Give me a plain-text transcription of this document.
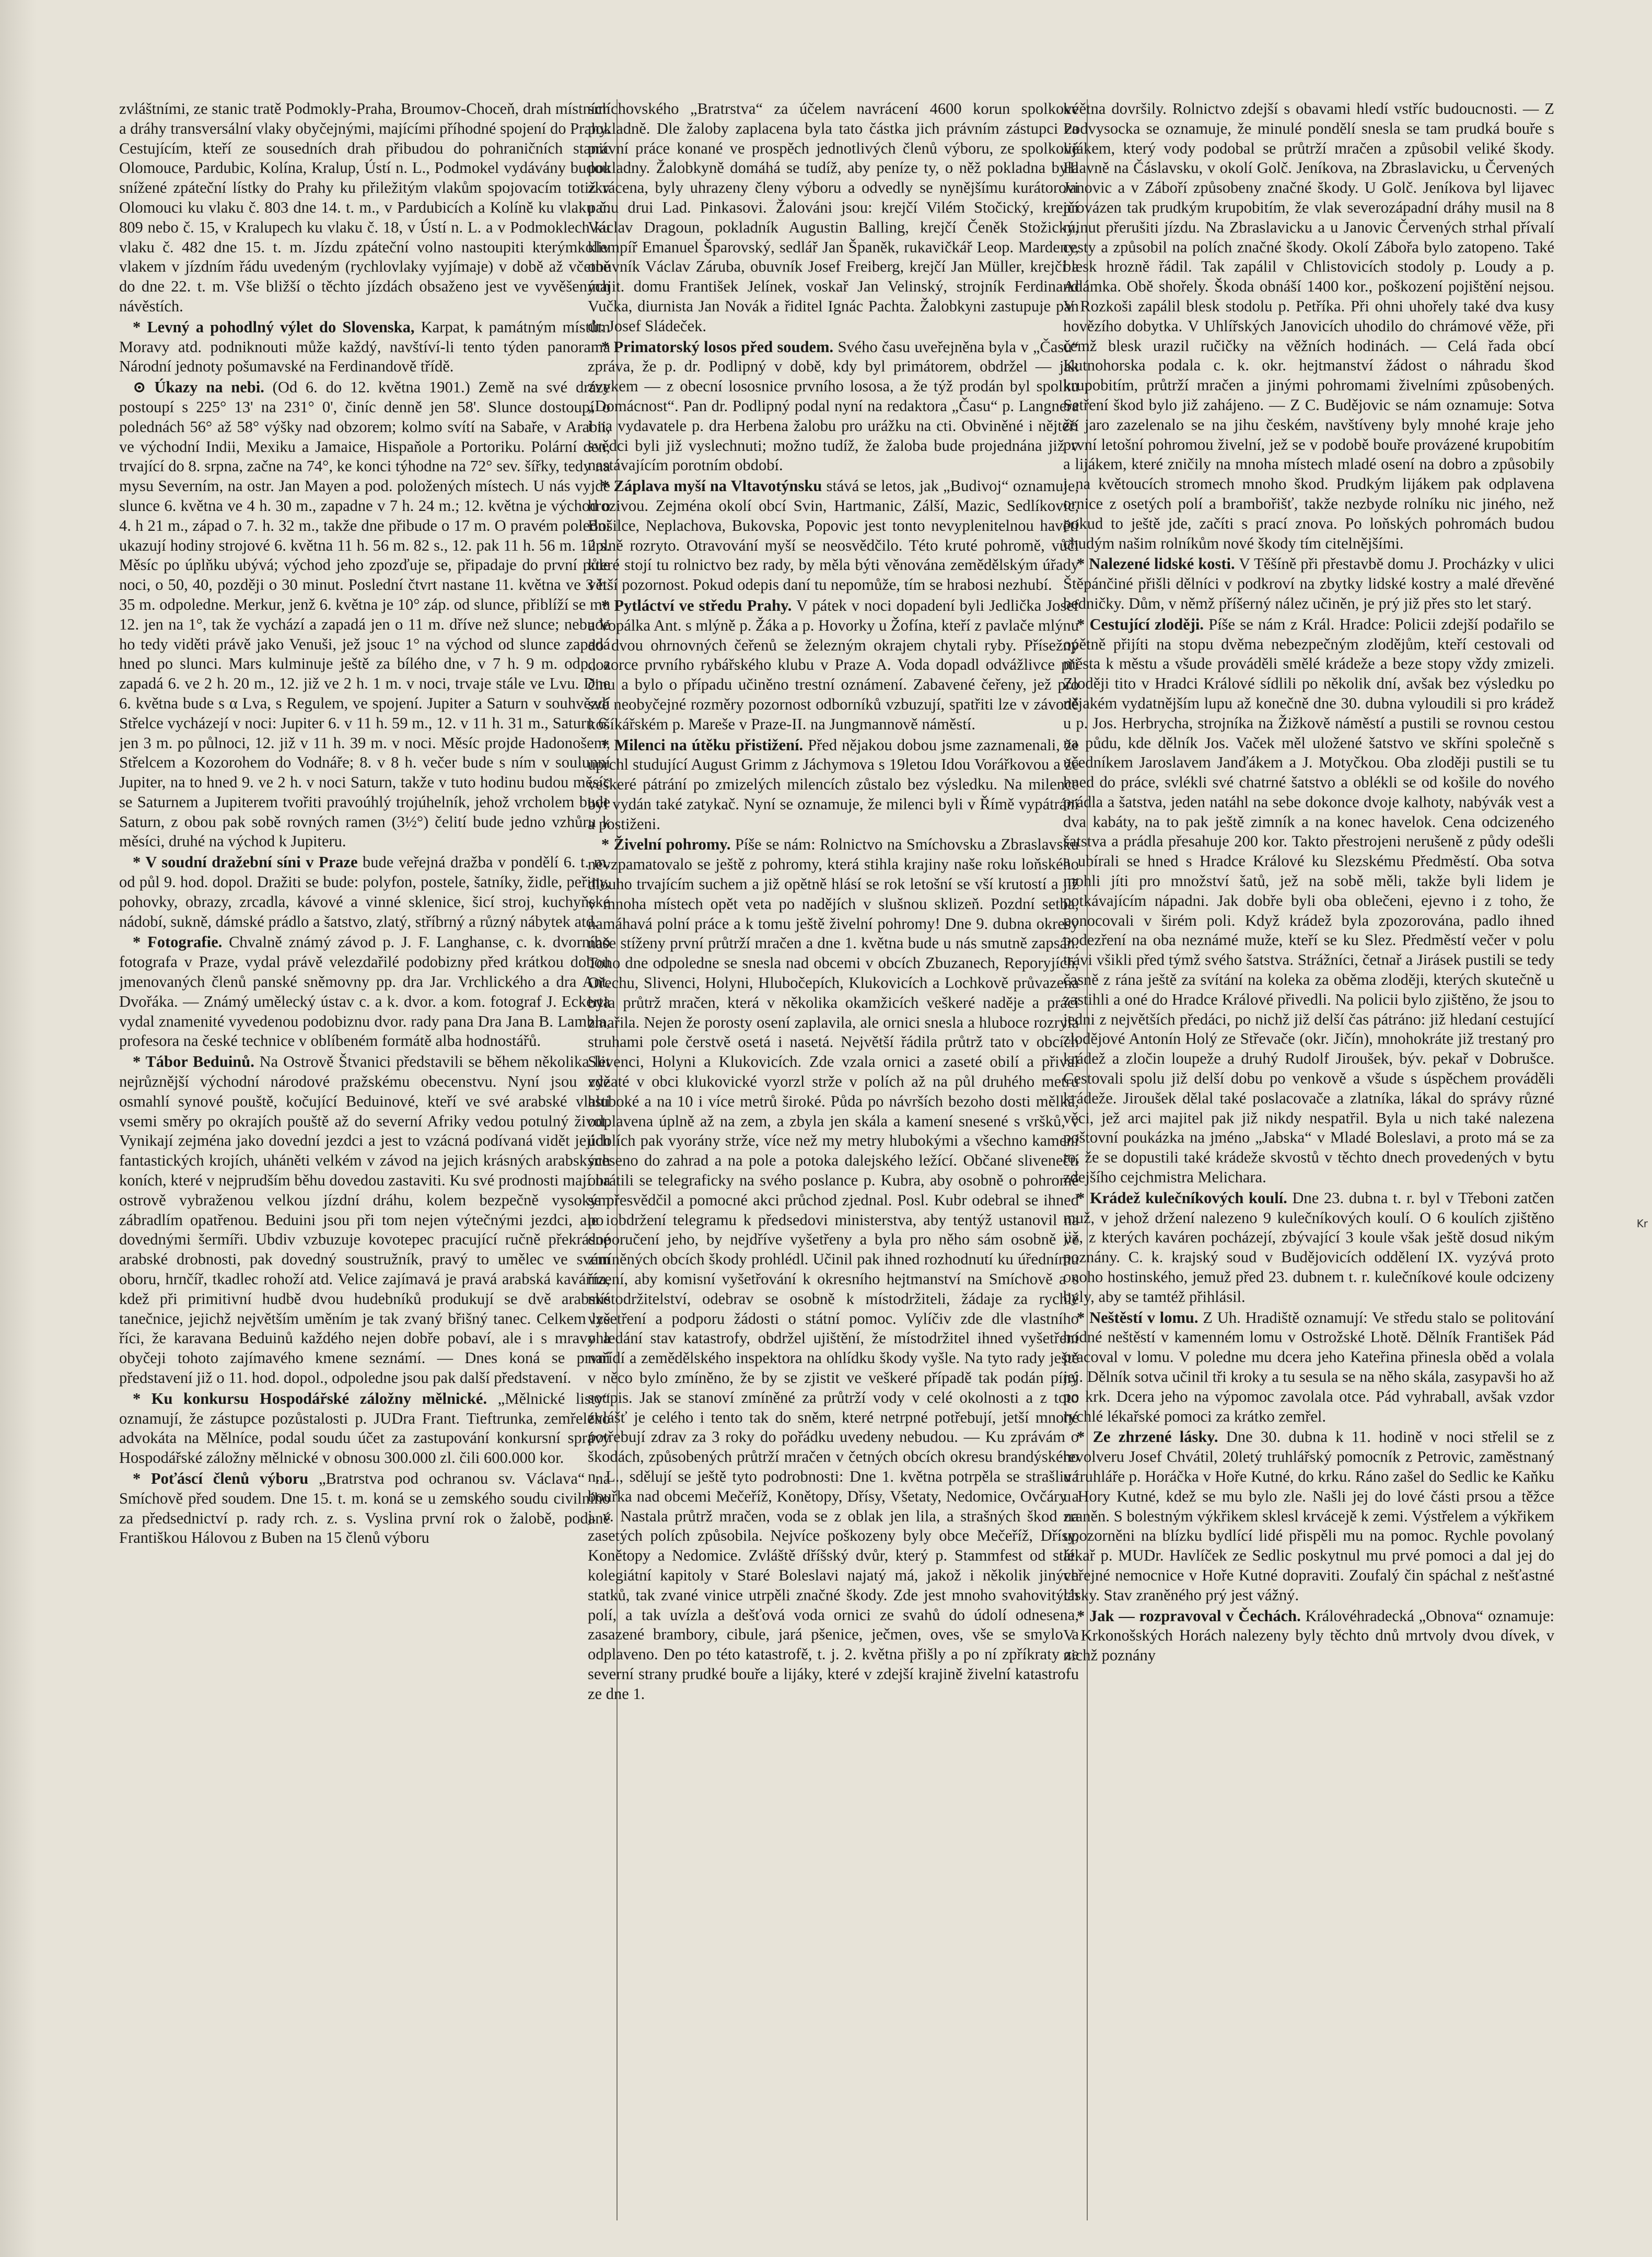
zvláštními, ze stanic tratě Podmokly-Praha, Broumov-Choceň, drah místních a dráhy transversální vlaky obyčejnými, majícími příhodné spojení do Prahy. Cestujícím, kteří ze sousedních drah přibudou do pohraničních stanic Olomouce, Pardubic, Kolína, Kralup, Ústí n. L., Podmokel vydávány budou snížené zpáteční lístky do Prahy ku přiležitým vlakům spojovacím totiž v Olomouci ku vlaku č. 803 dne 14. t. m., v Pardubicích a Kolíně ku vlaku č. 809 nebo č. 15, v Kralupech ku vlaku č. 18, v Ústí n. L. a v Podmoklech ku vlaku č. 482 dne 15. t. m. Jízdu zpáteční volno nastoupiti kterýmkoliv vlakem v jízdním řádu uvedeným (rychlovlaky vyjímaje) v době až včetně do dne 22. t. m. Vše bližší o těchto jízdách obsaženo jest ve vyvěšených návěstích.

* Levný a pohodlný výlet do Slovenska, Karpat, k památným místům Moravy atd. podniknouti může každý, navštíví-li tento týden panorama Národní jednoty pošumavské na Ferdinandově třídě.

⊙ Úkazy na nebi. (Od 6. do 12. května 1901.) Země na své dráze postoupí s 225° 13' na 231° 0', činíc denně jen 58'. Slunce dostoupí o polednách 56° až 58° výšky nad obzorem; kolmo svítí na Sabaře, v Arabii, ve východní Indii, Mexiku a Jamaice, Hispaňole a Portoriku. Polární den, trvající do 8. srpna, začne na 74°, ke konci týhodne na 72° sev. šířky, tedy na mysu Severním, na ostr. Jan Mayen a pod. položených místech. U nás vyjde slunce 6. května ve 4 h. 30 m., zapadne v 7 h. 24 m.; 12. května je východ o 4. h 21 m., západ o 7. h. 32 m., takže dne přibude o 17 m. O pravém poledni ukazují hodiny strojové 6. května 11 h. 56 m. 82 s., 12. pak 11 h. 56 m. 12 s. Měsíc po úplňku ubývá; východ jeho zpozďuje se, připadaje do první půle noci, o 50, 40, později o 30 minut. Poslední čtvrt nastane 11. května ve 3 h. 35 m. odpoledne. Merkur, jenž 6. května je 10° záp. od slunce, přiblíží se mu 12. jen na 1°, tak že vychází a zapadá jen o 11 m. dříve než slunce; nebude ho tedy viděti právě jako Venuši, jež jsouc 1° na východ od slunce zapadá hned po slunci. Mars kulminuje ještě za bílého dne, v 7 h. 9 m. odp., a zapadá 6. ve 2 h. 20 m., 12. již ve 2 h. 1 m. v noci, trvaje stále ve Lvu. Dne 6. května bude s α Lva, s Regulem, ve spojení. Jupiter a Saturn v souhvězdí Střelce vycházejí v noci: Jupiter 6. v 11 h. 59 m., 12. v 11 h. 31 m., Saturn 6. jen 3 m. po půlnoci, 12. již v 11 h. 39 m. v noci. Měsíc projde Hadonošem, Střelcem a Kozorohem do Vodnáře; 8. v 8 h. večer bude s ním v soulunní Jupiter, na to hned 9. ve 2 h. v noci Saturn, takže v tuto hodinu budou měsíc se Saturnem a Jupiterem tvořiti pravoúhlý trojúhelník, jehož vrcholem bude Saturn, z obou pak sobě rovných ramen (3½°) čelití bude jedno vzhůru k měsíci, druhé na východ k Jupiteru.

* V soudní dražební síni v Praze bude veřejná dražba v pondělí 6. t. m. od půl 9. hod. dopol. Dražiti se bude: polyfon, postele, šatníky, židle, peřiny, pohovky, obrazy, zrcadla, kávové a vinné sklenice, šicí stroj, kuchyňské nádobí, sukně, dámské prádlo a šatstvo, zlatý, stříbrný a různý nábytek atd.

* Fotografie. Chvalně známý závod p. J. F. Langhanse, c. k. dvorního fotografa v Praze, vydal právě velezdařilé podobizny před krátkou dobou jmenovaných členů panské sněmovny pp. dra Jar. Vrchlického a dra Ant. Dvořáka. — Známý umělecký ústav c. a k. dvor. a kom. fotograf J. Eckerta vydal znamenité vyvedenou podobiznu dvor. rady pana Dra Jana B. Lambla, profesora na české technice v oblíbeném formátě alba hodnostářů.

* Tábor Beduinů. Na Ostrově Štvanici představili se během několika let nejrůznější východní národové pražskému obecenstvu. Nyní jsou zde osmahlí synové pouště, kočující Beduinové, kteří ve své arabské vlasti vsemi směry po okrajích pouště až do severní Afriky vedou potulný život. Vynikají zejména jako dovední jezdci a jest to vzácná podívaná vidět jejich fantastických krojích, uháněti velkém v závod na jejich krásných arabských koních, které v nejprudším běhu dovedou zastaviti. Ku své prodnosti mají na ostrově vybraženou velkou jízdní dráhu, kolem bezpečně vysokým zábradlím opatřenou. Beduini jsou při tom nejen výtečnými jezdci, ale i dovednými šermíři. Ubdiv vzbuzuje kovotepec pracující ručně překrásné arabské drobnosti, pak dovedný soustružník, pravý to umělec ve svém oboru, hrnčíř, tkadlec rohoží atd. Velice zajímavá je pravá arabská kavárna, kdež při primitivní hudbě dvou hudebníků produkují se dvě arabské tanečnice, jejichž největším uměním je tak zvaný břišný tanec. Celkem lze říci, že karavana Beduinů každého nejen dobře pobaví, ale i s mravy a obyčeji tohoto zajímavého kmene seznámí. — Dnes koná se první představení již o 11. hod. dopol., odpoledne jsou pak další představení.

* Ku konkursu Hospodářské záložny mělnické. „Mělnické listy“ oznamují, že zástupce pozůstalosti p. JUDra Frant. Tieftrunka, zemřelého advokáta na Mělníce, podal soudu účet za zastupování konkursní správy Hospodářské záložny mělnické v obnosu 300.000 zl. čili 600.000 kor.

* Poťáscí členů výboru „Bratrstva pod ochranou sv. Václava“ na Smíchově před soudem. Dne 15. t. m. koná se u zemského soudu civilního za předsednictví p. rady rch. z. s. Vyslina první rok o žalobě, podané Františkou Hálovou z Buben na 15 členů výboru

smíchovského „Bratrstva“ za účelem navrácení 4600 korun spolkové pokladně. Dle žaloby zaplacena byla tato částka jich právním zástupci za právní práce konané ve prospěch jednotlivých členů výboru, ze spolkové pokladny. Žalobkyně domáhá se tudíž, aby peníze ty, o něž pokladna byla zkrácena, byly uhrazeny členy výboru a odvedly se nynějšímu kurátorovi panu drui Lad. Pinkasovi. Žalováni jsou: krejčí Vilém Stočický, krejčí Václav Dragoun, pokladník Augustin Balling, krejčí Čeněk Stožický, klempíř Emanuel Šparovský, sedlář Jan Španěk, rukavičkář Leop. Mardeny, obuvník Václav Záruba, obuvník Josef Freiberg, krejčí Jan Müller, krejčí a majit. domu František Jelínek, voskař Jan Velinský, strojník Ferdinand Vučka, diurnista Jan Novák a řiditel Ignác Pachta. Žalobkyni zastupuje pan dr. Josef Sládeček.

* Primatorský losos před soudem. Svého času uveřejněna byla v „Času“ zpráva, že p. dr. Podlipný v době, kdy byl primátorem, obdržel — jak zvykem — z obecní lososnice prvního lososa, a že týž prodán byl spolku „Domácnost“. Pan dr. Podlipný podal nyní na redaktora „Času“ p. Langnera i na vydavatele p. dra Herbena žalobu pro urážku na cti. Obviněné i nějteří svědci byli již vyslechnuti; možno tudíž, že žaloba bude projednána již v nastávajícím porotním období.

* Záplava myší na Vltavotýnsku stává se letos, jak „Budivoj“ oznamuje, hrozivou. Zejména okolí obcí Svin, Hartmanic, Zálší, Mazic, Sedlíkovic, Bošilce, Neplachova, Bukovska, Popovic jest tonto nevyplenitelnou havětí úplně rozryto. Otravování myší se neosvědčilo. Této kruté pohromě, vůči které stojí tu rolnictvo bez rady, by měla býti věnována zemědělským úřady větší pozornost. Pokud odepis daní tu nepomůže, tím se hrabosi nezhubí.

* Pytláctví ve středu Prahy. V pátek v noci dopadení byli Jedlička Josef a Vopálka Ant. s mlýně p. Žáka a p. Hovorky u Žofína, kteří z pavlače mlýnu do dvou ohrnovných čeřenů se železným okrajem chytali ryby. Přísežný dozorce prvního rybářského klubu v Praze A. Voda dopadl odvážlivce při činu a bylo o případu učiněno trestní oznámení. Zabavené čeřeny, jež pro své neobyčejné rozměry pozornost odborníků vzbuzují, spatřiti lze v závodě košíkářském p. Mareše v Praze-II. na Jungmannově náměstí.

* Milenci na útěku přistižení. Před nějakou dobou jsme zaznamenali, že uprchl studující August Grimm z Jáchymova s 19letou Idou Vorářkovou a že veškeré pátrání po zmizelých milencích zůstalo bez výsledku. Na milence byl vydán také zatykač. Nyní se oznamuje, že milenci byli v Římě vypátráni a postiženi.

* Živelní pohromy. Píše se nám: Rolnictvo na Smíchovsku a Zbraslavsku nevzpamatovalo se ještě z pohromy, která stihla krajiny naše roku loňského dlouho trvajícím suchem a již opětně hlásí se rok letošní se vší krutostí a již v mnoha místech opět veta po nadějích v slušnou sklizeň. Pozdní setba, namáhavá polní práce a k tomu ještě živelní pohromy! Dne 9. dubna okresy naše stíženy první průtrží mračen a dne 1. května bude u nás smutně zapsán. Toho dne odpoledne se snesla nad obcemi v obcích Zbuzanech, Reporyjích, Ořechu, Slivenci, Holyni, Hlubočepích, Klukovicích a Lochkově průvazena byla průtrž mračen, která v několika okamžicích veškeré naděje a práci zmařila. Nejen že porosty osení zaplavila, ale ornici snesla a hluboce rozryla struhami pole čerstvě osetá i nasetá. Největší řádila průtrž tato v obcích Slivenci, Holyni a Klukovicích. Zde vzala ornici a zaseté obilí a přival vyžaté v obci klukovické vyorzl strže v polích až na půl druhého metru hluboké a na 10 i více metrů široké. Půda po návrších bezoho dosti mělká, odplavena úplně až na zem, a zbyla jen skála a kamení snesené s vršků, v údolích pak vyorány strže, více než my metry hlubokými a všechno kamení sneseno do zahrad a na pole a potoka dalejského ležící. Občané slivenečtí obrátili se telegraficky na svého poslance p. Kubra, aby osobně o pohromě se přesvědčil a pomocné akci průchod zjednal. Posl. Kubr odebral se ihned po obdržení telegramu k předsedovi ministerstva, aby tentýž ustanovil na doporučení jeho, by nejdříve vyšetřeny a byla pro něho sám osobně ve zmíněných obcích škody prohlédl. Učinil pak ihned rozhodnutí ku úřednímu řízení, aby komisní vyšetřování k okresního hejtmanství na Smíchově a s místodržitelství, odebrav se osobně k místodržiteli, žádaje za rychlé vyšetření a podporu žádosti o státní pomoc. Vylíčiv zde dle vlastního ohledání stav katastrofy, obdržel ujištění, že místodržitel ihned vyšetření nařídí a zemědělského inspektora na ohlídku škody vyšle. Na tyto rady ještě v něco bylo zmíněno, že by se zjistit ve veškeré případě tak podán píný soupis. Jak se stanoví zmíněné za průtrží vody v celé okolnosti a z toto zvlášť je celého i tento tak do sněm, které netrpné potřebují, jetší mnohé potřebují zdrav za 3 roky do pořádku uvedeny nebudou. — Ku zprávám o škodách, způsobených průtrží mračen v četných obcích okresu brandýského n. L., sdělují se ještě tyto podrobnosti: Dne 1. května potrpěla se strašlivá bouřka nad obcemi Mečeříž, Konětopy, Dřísy, Všetaty, Nedomice, Ovčáry a j. v. Nastala průtrž mračen, voda se z oblak jen lila, a strašných škod na zasetých polích způsobila. Nejvíce poškozeny byly obce Mečeříž, Dřísy, Konětopy a Nedomice. Zvláště dříšský dvůr, který p. Stammfest od stát. kolegiátní kapitoly v Staré Boleslavi najatý má, jakož i několik jiných statků, tak zvané vinice utrpěli značné škody. Zde jest mnoho svahovitých polí, a tak uvízla a dešťová voda ornici ze svahů do údolí odnesena, zasazené brambory, cibule, jará pšenice, ječmen, oves, vše se smylo a odplaveno. Den po této katastrofě, t. j. 2. května přišly a po ní zpříkraty ze severní strany prudké bouře a lijáky, které v zdejší krajině živelní katastrofu ze dne 1.

května dovršily. Rolnictvo zdejší s obavami hledí vstříc budoucnosti. — Z Podvysocka se oznamuje, že minulé pondělí snesla se tam prudká bouře s lijákem, který vody podobal se průtrží mračen a způsobil veliké škody. Hlavně na Čáslavsku, v okolí Golč. Jeníkova, na Zbraslavicku, u Červených Janovic a v Záboří způsobeny značné škody. U Golč. Jeníkova byl lijavec provázen tak prudkým krupobitím, že vlak severozápadní dráhy musil na 8 minut přerušiti jízdu. Na Zbraslavicku a u Janovic Červených strhal přívalí cesty a způsobil na polích značné škody. Okolí Zábořa bylo zatopeno. Také blesk hrozně řádil. Tak zapálil v Chlistovicích stodoly p. Loudy a p. Adámka. Obě shořely. Škoda obnáší 1400 kor., poškození pojištění nejsou. V Rozkoši zapálil blesk stodolu p. Petříka. Při ohni uhořely také dva kusy hovězího dobytka. V Uhlířských Janovicích uhodilo do chrámové věže, při čemž blesk urazil ručičky na věžních hodinách. — Celá řada obcí Kutnohorska podala c. k. okr. hejtmanství žádost o náhradu škod krupobitím, průtrží mračen a jinými pohromami živelními způsobených. Setření škod bylo již zahájeno. — Z C. Budějovic se nám oznamuje: Sotva že jaro zazelenalo se na jihu českém, navštíveny byly mnohé kraje jeho první letošní pohromou živelní, jež se v podobě bouře provázené krupobitím a lijákem, které zničily na mnoha místech mladé osení na dobro a způsobily i na květoucích stromech mnoho škod. Prudkým lijákem pak odplavena ornice z osetých polí a brambořišť, takže nezbyde rolníku nic jiného, než pokud to ještě jde, začíti s prací znova. Po loňských pohromách budou chudým našim rolníkům nové škody tím citelnějšími.

* Nalezené lidské kosti. V Těšíně při přestavbě domu J. Procházky v ulici Štěpánčiné přišli dělníci v podkroví na zbytky lidské kostry a malé dřevěné bedničky. Dům, v němž příšerný nález učiněn, je prý již přes sto let starý.

* Cestující zloději. Píše se nám z Král. Hradce: Policii zdejší podařilo se opětně přijíti na stopu dvěma nebezpečným zlodějům, kteří cestovali od města k městu a všude prováděli smělé krádeže a beze stopy vždy zmizeli. Zloději tito v Hradci Králové sídlili po několik dní, avšak bez výsledku po nějakém vydatnějším lupu až konečně dne 30. dubna vyloudili si pro krádež u p. Jos. Herbrycha, strojníka na Žižkově náměstí a pustili se rovnou cestou na půdu, kde dělník Jos. Vaček měl uložené šatstvo ve skříni společně s učedníkem Jaroslavem Janďákem a J. Motyčkou. Oba zloději pustili se tu hned do práce, svlékli své chatrné šatstvo a oblékli se od košile do nového prádla a šatstva, jeden natáhl na sebe dokonce dvoje kalhoty, nabývák vest a dva kabáty, na to pak ještě zimník a na konec havelok. Cena odcizeného šatstva a prádla přesahuje 200 kor. Takto přestrojeni nerušeně z půdy odešli a ubírali se hned s Hradce Králové ku Slezskému Předměstí. Oba sotva mohli jíti pro množství šatů, jež na sobě měli, takže byli lidem je potkávajícím nápadni. Jak dobře byli oba oblečeni, ejevno i z toho, že ponocovali v širém poli. Když krádež byla zpozorována, padlo ihned podezření na oba neznámé muže, kteří se ku Slez. Předměstí večer v polu trávi všikli před týmž svého šatstva. Strážníci, četnař a Jirásek pustili se tedy časně z rána ještě za svítání na koleka za oběma zloději, kterých skutečně u zastihli a oné do Hradce Králové přivedli. Na policii bylo zjištěno, že jsou to jedni z největších předáci, po nichž již delší čas pátráno: již hledaní cestující zlodějové Antonín Holý ze Střevače (okr. Jičín), mnohokráte již trestaný pro krádež a zločin loupeže a druhý Rudolf Jiroušek, býv. pekař v Dobrušce. Cestovali spolu již delší dobu po venkově a všude s úspěchem prováděli krádeže. Jiroušek dělal také poslacovače a zlatníka, lákal do správy různé věci, jež arci majitel pak již nikdy nespatřil. Byla u nich také nalezena poštovní poukázka na jméno „Jabska“ v Mladé Boleslavi, a proto má se za to, že se dopustili také krádeže skvostů v těchto dnech provedených v bytu zdejšího cejchmistra Melichara.

* Krádež kulečníkových koulí. Dne 23. dubna t. r. byl v Třeboni zatčen muž, v jehož držení nalezeno 9 kulečníkových koulí. O 6 koulích zjištěno již, z kterých kaváren pocházejí, zbývající 3 koule však ještě dosud nikým poznány. C. k. krajský soud v Budějovicích oddělení IX. vyzývá proto onoho hostinského, jemuž před 23. dubnem t. r. kulečníkové koule odcizeny byly, aby se tamtéž přihlásil.

* Neštěstí v lomu. Z Uh. Hradiště oznamují: Ve středu stalo se politování hodné neštěstí v kamenném lomu v Ostrožské Lhotě. Dělník František Pád pracoval v lomu. V poledne mu dcera jeho Kateřina přinesla oběd a volala jej. Dělník sotva učinil tři kroky a tu sesula se na něho skála, zasypavši ho až po krk. Dcera jeho na výpomoc zavolala otce. Pád vyhraball, avšak vzdor rychlé lékařské pomoci za krátko zemřel.

* Ze zhrzené lásky. Dne 30. dubna k 11. hodině v noci střelil se z revolveru Josef Chvátil, 20letý truhlářský pomocník z Petrovic, zaměstnaný u truhláře p. Horáčka v Hoře Kutné, do krku. Ráno zašel do Sedlic ke Kaňku u Hory Kutné, kdež se mu bylo zle. Našli jej do lové části prsou a těžce zraněn. S bolestným výkřikem sklesl krvácejě k zemi. Výstřelem a výkřikem upozorněni na blízku bydlící lidé přispěli mu na pomoc. Rychle povolaný lékař p. MUDr. Havlíček ze Sedlic poskytnul mu prvé pomoci a dal jej do veřejné nemocnice v Hoře Kutné dopraviti. Zoufalý čin spáchal z nešťastné lásky. Stav zraněného prý jest vážný.

* Jak — rozpravoval v Čechách. Královéhradecká „Obnova“ oznamuje: V Krkonošských Horách nalezeny byly těchto dnů mrtvoly dvou dívek, v nichž poznány

Kr
